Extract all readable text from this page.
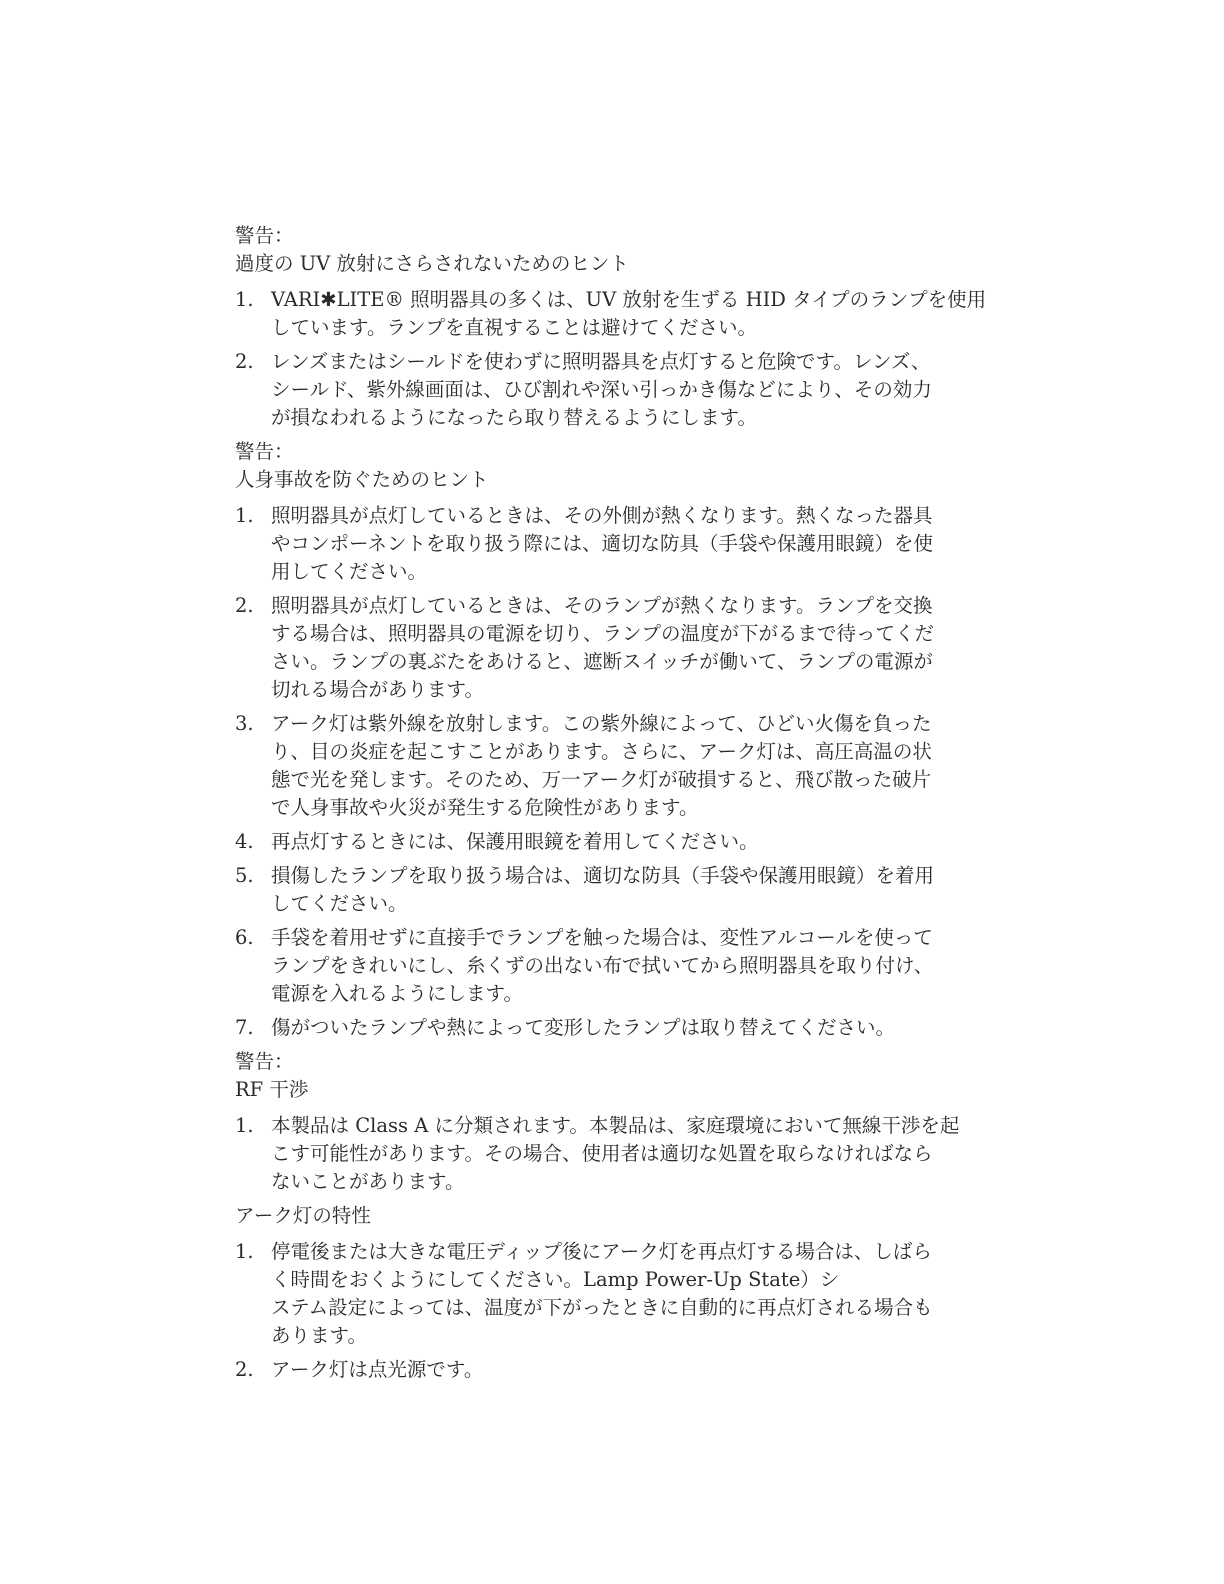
警告：

過度の UV 放射にさらされないためのヒント

1. VARI✱LITE® 照明器具の多くは、UV 放射を生ずる HID タイプのランプを使用
しています。ランプを直視することは避けてください。
2. レンズまたはシールドを使わずに照明器具を点灯すると危険です。レンズ、
シールド、紫外線画面は、ひび割れや深い引っかき傷などにより、その効力
が損なわれるようになったら取り替えるようにします。

警告：

人身事故を防ぐためのヒント

1. 照明器具が点灯しているときは、その外側が熱くなります。熱くなった器具
やコンポーネントを取り扱う際には、適切な防具（手袋や保護用眼鏡）を使
用してください。
2. 照明器具が点灯しているときは、そのランプが熱くなります。ランプを交換
する場合は、照明器具の電源を切り、ランプの温度が下がるまで待ってくだ
さい。ランプの裏ぶたをあけると、遮断スイッチが働いて、ランプの電源が
切れる場合があります。
3. アーク灯は紫外線を放射します。この紫外線によって、ひどい火傷を負った
り、目の炎症を起こすことがあります。さらに、アーク灯は、高圧高温の状
態で光を発します。そのため、万一アーク灯が破損すると、飛び散った破片
で人身事故や火災が発生する危険性があります。
4. 再点灯するときには、保護用眼鏡を着用してください。
5. 損傷したランプを取り扱う場合は、適切な防具（手袋や保護用眼鏡）を着用
してください。
6. 手袋を着用せずに直接手でランプを触った場合は、変性アルコールを使って
ランプをきれいにし、糸くずの出ない布で拭いてから照明器具を取り付け、
電源を入れるようにします。
7. 傷がついたランプや熱によって変形したランプは取り替えてください。

警告：

RF 干渉

1. 本製品は Class A に分類されます。本製品は、家庭環境において無線干渉を起
こす可能性があります。その場合、使用者は適切な処置を取らなければなら
ないことがあります。

アーク灯の特性

1. 停電後または大きな電圧ディップ後にアーク灯を再点灯する場合は、しばら
く時間をおくようにしてください。Lamp Power-Up State）シ
ステム設定によっては、温度が下がったときに自動的に再点灯される場合も
あります。
2. アーク灯は点光源です。
